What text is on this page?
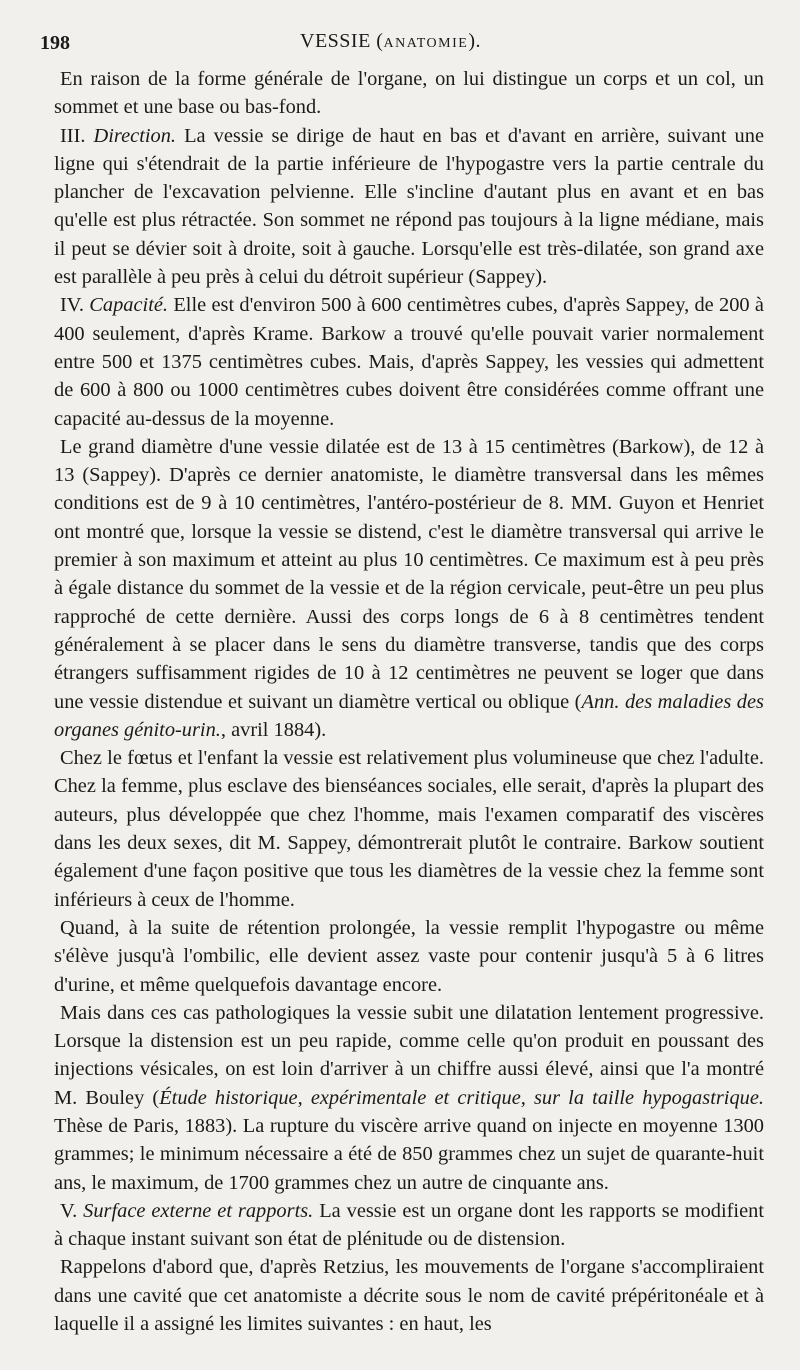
198	VESSIE (ANATOMIE).

En raison de la forme générale de l'organe, on lui distingue un corps et un col, un sommet et une base ou bas-fond.

III. Direction. La vessie se dirige de haut en bas et d'avant en arrière, suivant une ligne qui s'étendrait de la partie inférieure de l'hypogastre vers la partie centrale du plancher de l'excavation pelvienne. Elle s'incline d'autant plus en avant et en bas qu'elle est plus rétractée. Son sommet ne répond pas toujours à la ligne médiane, mais il peut se dévier soit à droite, soit à gauche. Lorsqu'elle est très-dilatée, son grand axe est parallèle à peu près à celui du détroit supérieur (Sappey).

IV. Capacité. Elle est d'environ 500 à 600 centimètres cubes, d'après Sappey, de 200 à 400 seulement, d'après Krame. Barkow a trouvé qu'elle pouvait varier normalement entre 500 et 1375 centimètres cubes. Mais, d'après Sappey, les vessies qui admettent de 600 à 800 ou 1000 centimètres cubes doivent être considérées comme offrant une capacité au-dessus de la moyenne.

Le grand diamètre d'une vessie dilatée est de 13 à 15 centimètres (Barkow), de 12 à 13 (Sappey). D'après ce dernier anatomiste, le diamètre transversal dans les mêmes conditions est de 9 à 10 centimètres, l'antéro-postérieur de 8. MM. Guyon et Henriet ont montré que, lorsque la vessie se distend, c'est le diamètre transversal qui arrive le premier à son maximum et atteint au plus 10 centimètres. Ce maximum est à peu près à égale distance du sommet de la vessie et de la région cervicale, peut-être un peu plus rapproché de cette dernière. Aussi des corps longs de 6 à 8 centimètres tendent généralement à se placer dans le sens du diamètre transverse, tandis que des corps étrangers suffisamment rigides de 10 à 12 centimètres ne peuvent se loger que dans une vessie distendue et suivant un diamètre vertical ou oblique (Ann. des maladies des organes génito-urin., avril 1884).

Chez le fœtus et l'enfant la vessie est relativement plus volumineuse que chez l'adulte. Chez la femme, plus esclave des bienséances sociales, elle serait, d'après la plupart des auteurs, plus développée que chez l'homme, mais l'examen comparatif des viscères dans les deux sexes, dit M. Sappey, démontrerait plutôt le contraire. Barkow soutient également d'une façon positive que tous les diamètres de la vessie chez la femme sont inférieurs à ceux de l'homme.

Quand, à la suite de rétention prolongée, la vessie remplit l'hypogastre ou même s'élève jusqu'à l'ombilic, elle devient assez vaste pour contenir jusqu'à 5 à 6 litres d'urine, et même quelquefois davantage encore.

Mais dans ces cas pathologiques la vessie subit une dilatation lentement progressive. Lorsque la distension est un peu rapide, comme celle qu'on produit en poussant des injections vésicales, on est loin d'arriver à un chiffre aussi élevé, ainsi que l'a montré M. Bouley (Étude historique, expérimentale et critique, sur la taille hypogastrique. Thèse de Paris, 1883). La rupture du viscère arrive quand on injecte en moyenne 1300 grammes; le minimum nécessaire a été de 850 grammes chez un sujet de quarante-huit ans, le maximum, de 1700 grammes chez un autre de cinquante ans.

V. Surface externe et rapports. La vessie est un organe dont les rapports se modifient à chaque instant suivant son état de plénitude ou de distension.

Rappelons d'abord que, d'après Retzius, les mouvements de l'organe s'accompliraient dans une cavité que cet anatomiste a décrite sous le nom de cavité prépéritonéale et à laquelle il a assigné les limites suivantes : en haut, les
